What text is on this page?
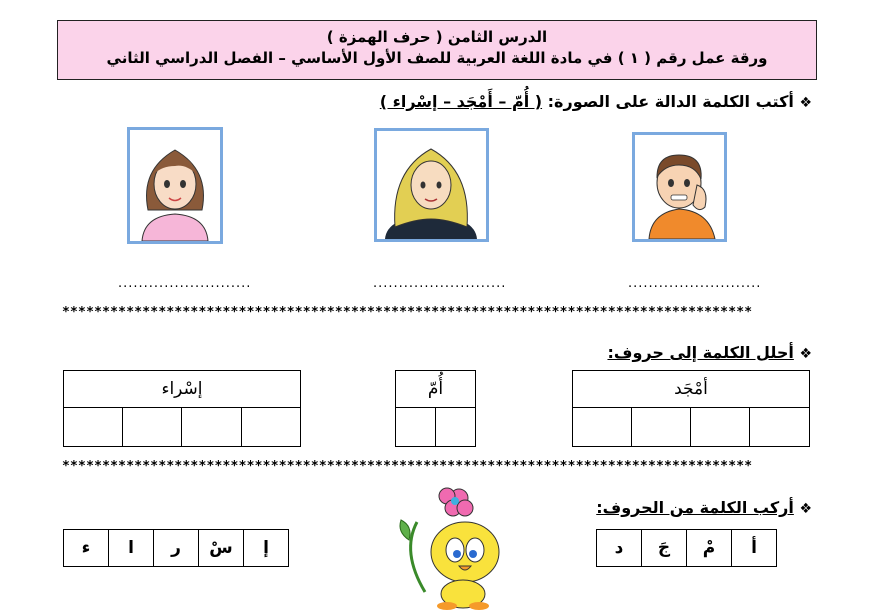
الدرس الثامن ( حرف الهمزة )
ورقة عمل رقم ( ١ ) في مادة اللغة العربية للصف الأول الأساسي – الفصل الدراسي الثاني
❖ أكتب الكلمة الدالة على الصورة: ( أُمّ – أَمْجَد – إسْراء )
..........................
..........................
..........................
**************************************************************************************
❖ أحلل الكلمة إلى حروف:
أمْجَد

أُمّ

إسْراء

**************************************************************************************
❖ أركب الكلمة من الحروف:
أ	مْ	جَ	د
إ	سْ	ر	ا	ء
